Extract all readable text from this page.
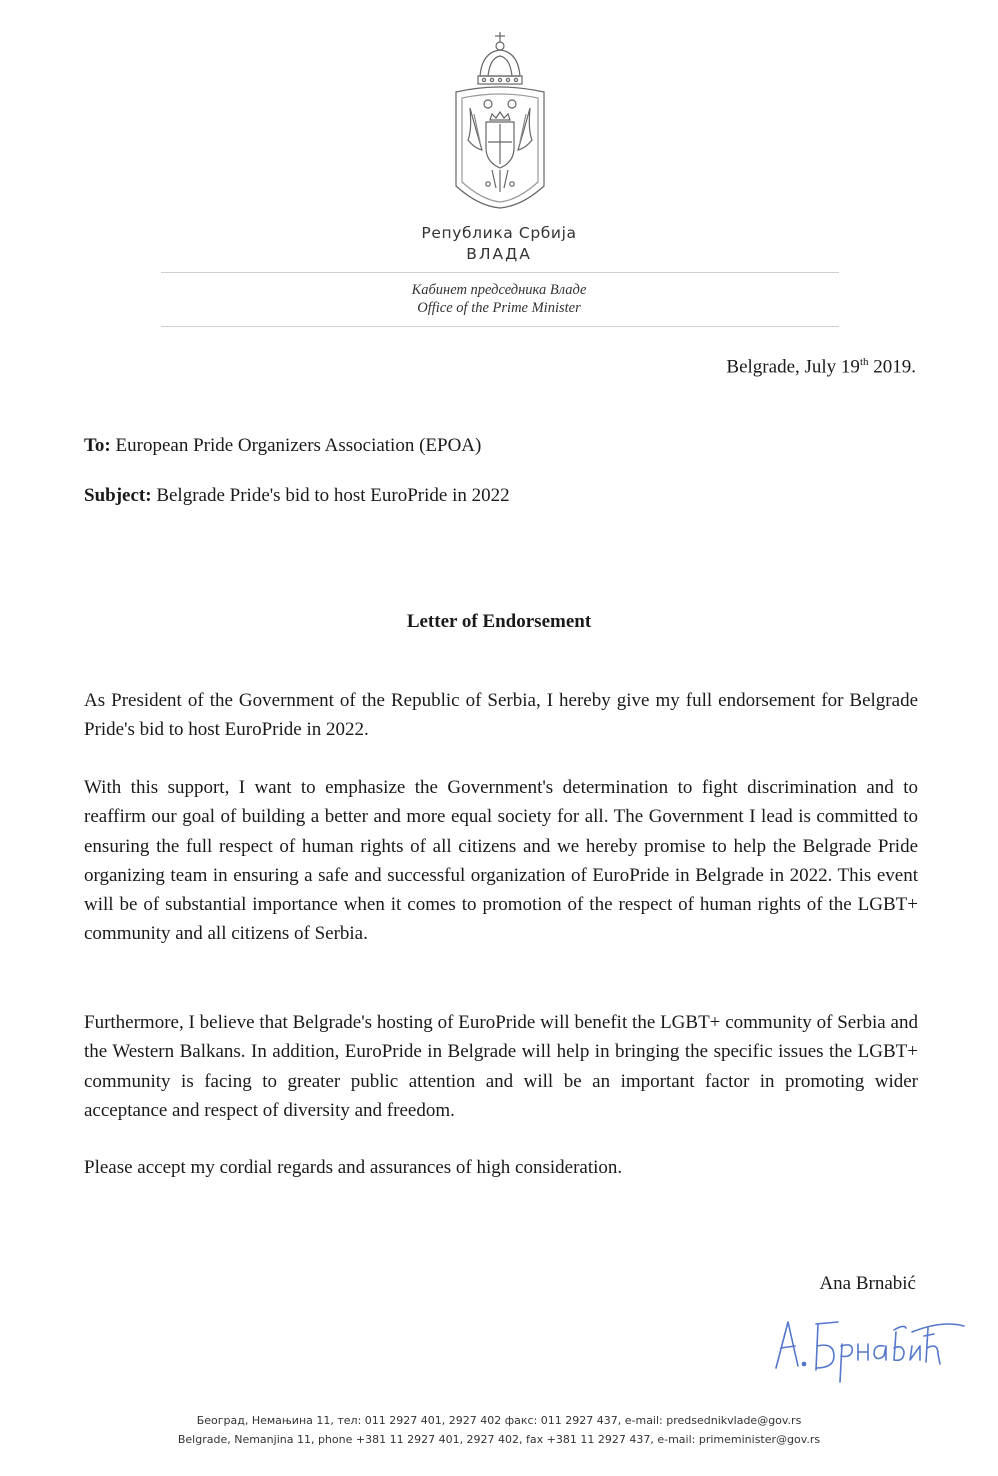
Република Србија
ВЛАДА
Кабинет председника Владе
Office of the Prime Minister
Belgrade, July 19th 2019.
To: European Pride Organizers Association (EPOA)
Subject: Belgrade Pride's bid to host EuroPride in 2022
Letter of Endorsement

As President of the Government of the Republic of Serbia, I hereby give my full endorsement for Belgrade Pride's bid to host EuroPride in 2022.

With this support, I want to emphasize the Government's determination to fight discrimination and to reaffirm our goal of building a better and more equal society for all. The Government I lead is committed to ensuring the full respect of human rights of all citizens and we hereby promise to help the Belgrade Pride organizing team in ensuring a safe and successful organization of EuroPride in Belgrade in 2022. This event will be of substantial importance when it comes to promotion of the respect of human rights of the LGBT+ community and all citizens of Serbia.

Furthermore, I believe that Belgrade's hosting of EuroPride will benefit the LGBT+ community of Serbia and the Western Balkans. In addition, EuroPride in Belgrade will help in bringing the specific issues the LGBT+ community is facing to greater public attention and will be an important factor in promoting wider acceptance and respect of diversity and freedom.

Please accept my cordial regards and assurances of high consideration.

Ana Brnabić
Београд, Немањина 11, тел: 011 2927 401, 2927 402 факс: 011 2927 437, e-mail: predsednikvlade@gov.rs
Belgrade, Nemanjina 11, phone +381 11 2927 401, 2927 402, fax +381 11 2927 437, e-mail: primeminister@gov.rs
